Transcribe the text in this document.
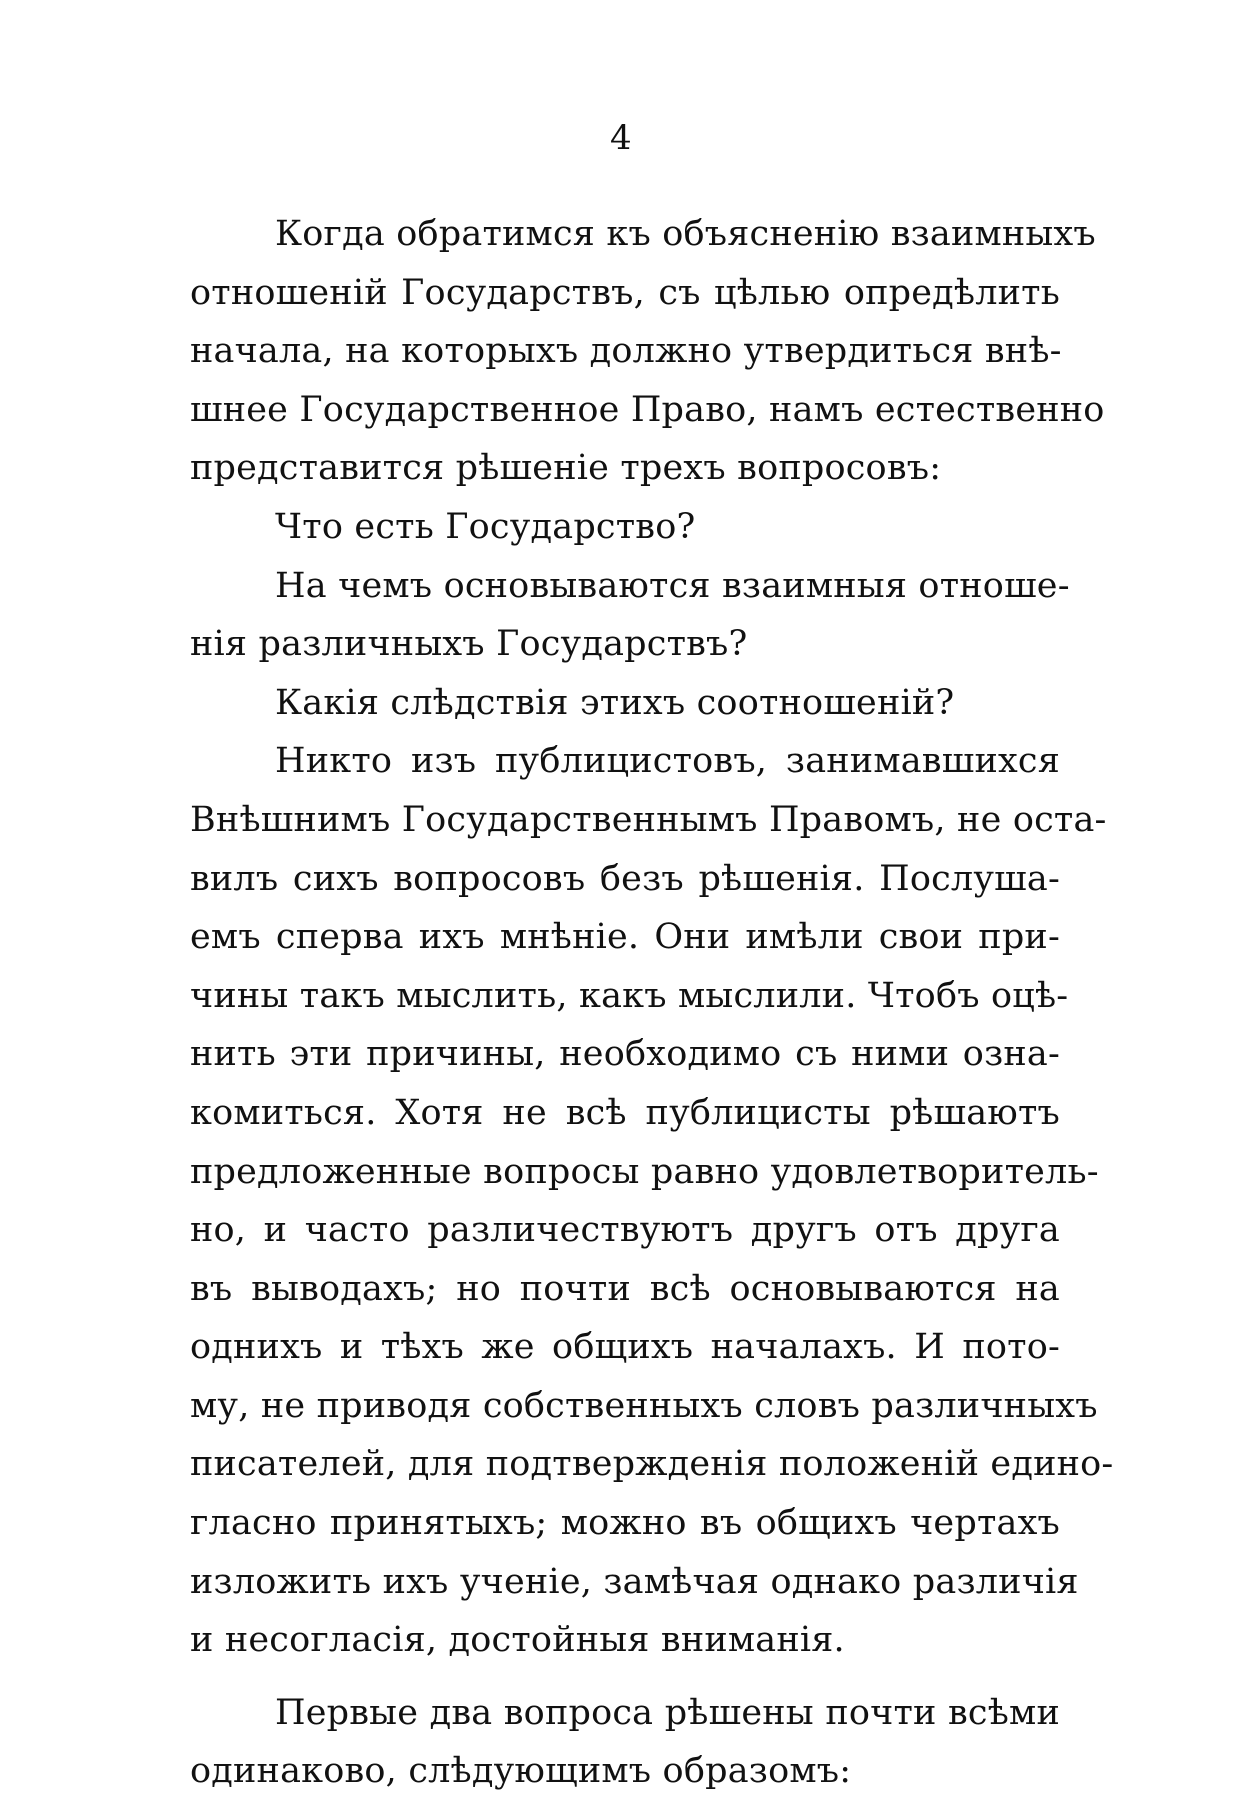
4
Когда обратимся къ объясненію взаимныхъ
отношеній Государствъ, съ цѣлью опредѣлить
начала, на которыхъ должно утвердиться внѣ-
шнее Государственное Право, намъ естественно
представится рѣшеніе трехъ вопросовъ:
Что есть Государство?
На чемъ основываются взаимныя отноше-
нія различныхъ Государствъ?
Какія слѣдствія этихъ соотношеній?
Никто изъ публицистовъ, занимавшихся
Внѣшнимъ Государственнымъ Правомъ, не оста-
вилъ сихъ вопросовъ безъ рѣшенія. Послуша-
емъ сперва ихъ мнѣніе. Они имѣли свои при-
чины такъ мыслить, какъ мыслили. Чтобъ оцѣ-
нить эти причины, необходимо съ ними озна-
комиться. Хотя не всѣ публицисты рѣшаютъ
предложенные вопросы равно удовлетворитель-
но, и часто различествуютъ другъ отъ друга
въ выводахъ; но почти всѣ основываются на
однихъ и тѣхъ же общихъ началахъ. И пото-
му, не приводя собственныхъ словъ различныхъ
писателей, для подтвержденія положеній едино-
гласно принятыхъ; можно въ общихъ чертахъ
изложить ихъ ученіе, замѣчая однако различія
и несогласія, достойныя вниманія.
Первые два вопроса рѣшены почти всѣми
одинаково, слѣдующимъ образомъ:
